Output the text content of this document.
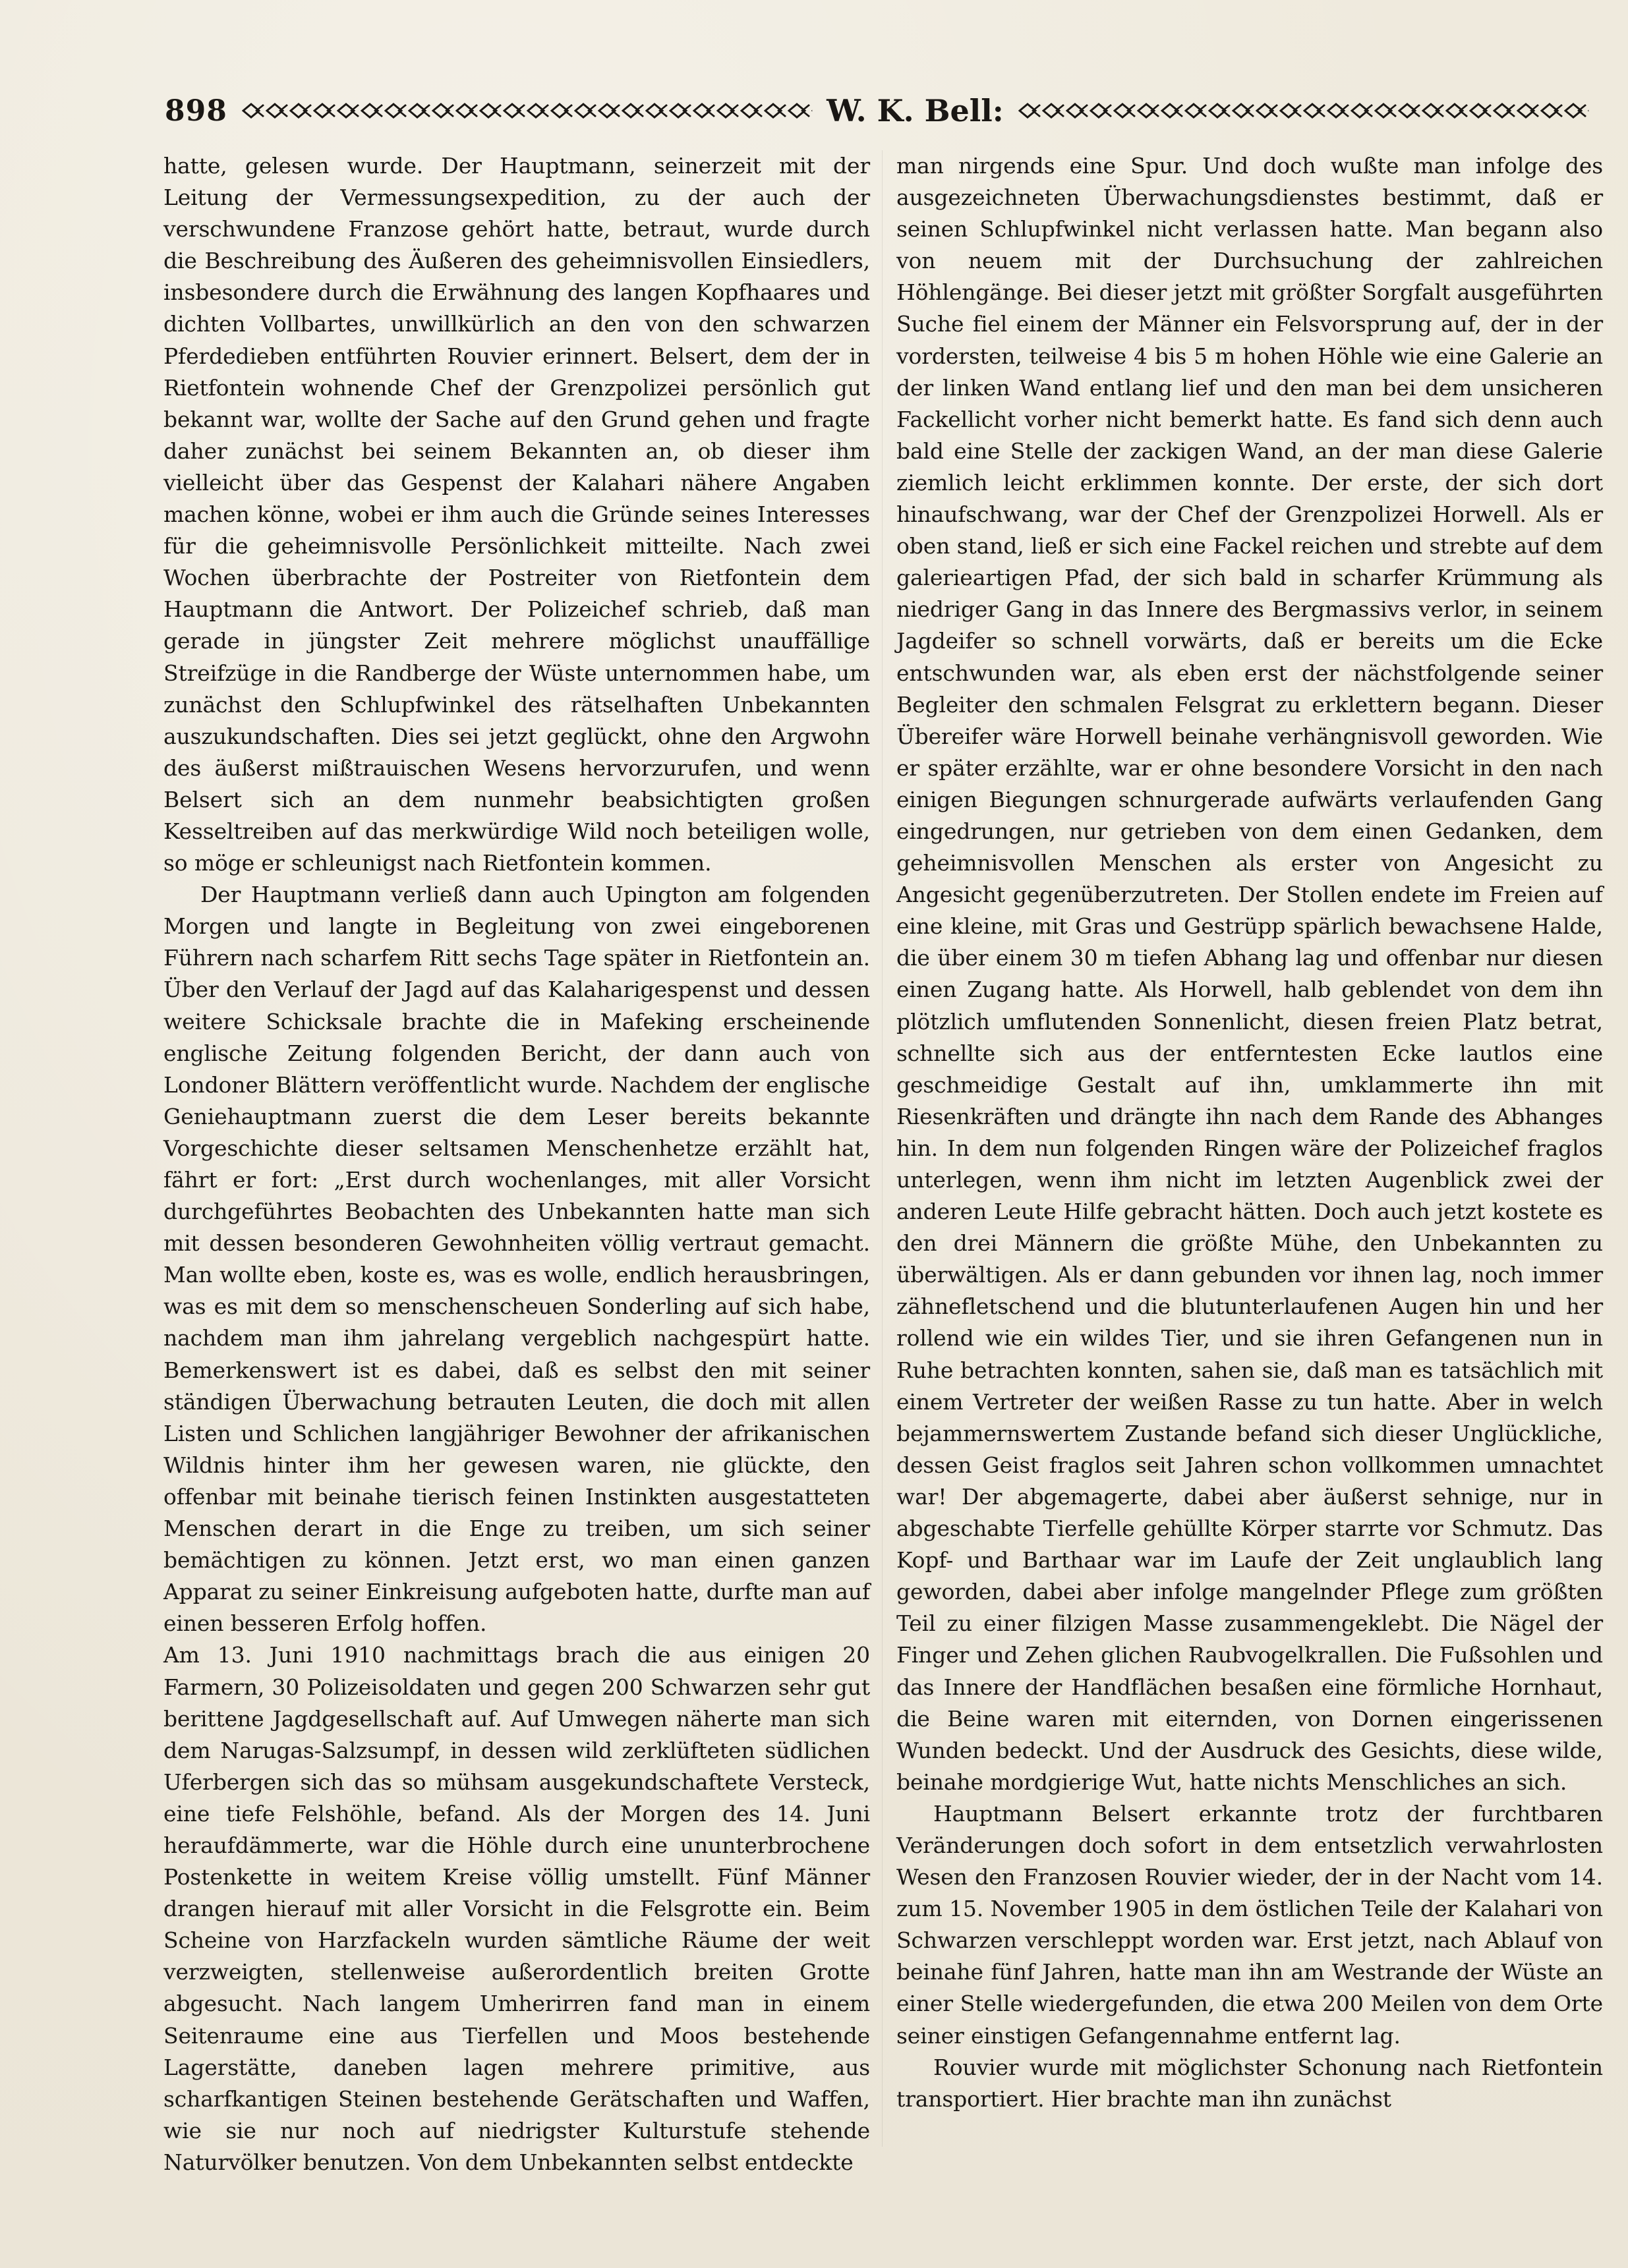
898	W. K. Bell:

hatte, gelesen wurde. Der Hauptmann, seinerzeit mit der Leitung der Vermessungsexpedition, zu der auch der verschwundene Franzose gehört hatte, betraut, wurde durch die Beschreibung des Äußeren des geheimnisvollen Einsiedlers, insbesondere durch die Erwähnung des langen Kopfhaares und dichten Vollbartes, unwillkürlich an den von den schwarzen Pferdedieben entführten Rouvier erinnert. Belsert, dem der in Rietfontein wohnende Chef der Grenzpolizei persönlich gut bekannt war, wollte der Sache auf den Grund gehen und fragte daher zunächst bei seinem Bekannten an, ob dieser ihm vielleicht über das Gespenst der Kalahari nähere Angaben machen könne, wobei er ihm auch die Gründe seines Interesses für die geheimnisvolle Persönlichkeit mitteilte. Nach zwei Wochen überbrachte der Postreiter von Rietfontein dem Hauptmann die Antwort. Der Polizeichef schrieb, daß man gerade in jüngster Zeit mehrere möglichst unauffällige Streifzüge in die Randberge der Wüste unternommen habe, um zunächst den Schlupfwinkel des rätselhaften Unbekannten auszukundschaften. Dies sei jetzt geglückt, ohne den Argwohn des äußerst mißtrauischen Wesens hervorzurufen, und wenn Belsert sich an dem nunmehr beabsichtigten großen Kesseltreiben auf das merkwürdige Wild noch beteiligen wolle, so möge er schleunigst nach Rietfontein kommen.

Der Hauptmann verließ dann auch Upington am folgenden Morgen und langte in Begleitung von zwei eingeborenen Führern nach scharfem Ritt sechs Tage später in Rietfontein an. Über den Verlauf der Jagd auf das Kalaharigespenst und dessen weitere Schicksale brachte die in Mafeking erscheinende englische Zeitung folgenden Bericht, der dann auch von Londoner Blättern veröffentlicht wurde. Nachdem der englische Geniehauptmann zuerst die dem Leser bereits bekannte Vorgeschichte dieser seltsamen Menschenhetze erzählt hat, fährt er fort: „Erst durch wochenlanges, mit aller Vorsicht durchgeführtes Beobachten des Unbekannten hatte man sich mit dessen besonderen Gewohnheiten völlig vertraut gemacht. Man wollte eben, koste es, was es wolle, endlich herausbringen, was es mit dem so menschenscheuen Sonderling auf sich habe, nachdem man ihm jahrelang vergeblich nachgespürt hatte. Bemerkenswert ist es dabei, daß es selbst den mit seiner ständigen Überwachung betrauten Leuten, die doch mit allen Listen und Schlichen langjähriger Bewohner der afrikanischen Wildnis hinter ihm her gewesen waren, nie glückte, den offenbar mit beinahe tierisch feinen Instinkten ausgestatteten Menschen derart in die Enge zu treiben, um sich seiner bemächtigen zu können. Jetzt erst, wo man einen ganzen Apparat zu seiner Einkreisung aufgeboten hatte, durfte man auf einen besseren Erfolg hoffen.

Am 13. Juni 1910 nachmittags brach die aus einigen 20 Farmern, 30 Polizeisoldaten und gegen 200 Schwarzen sehr gut berittene Jagdgesellschaft auf. Auf Umwegen näherte man sich dem Narugas-Salzsumpf, in dessen wild zerklüfteten südlichen Uferbergen sich das so mühsam ausgekundschaftete Versteck, eine tiefe Felshöhle, befand. Als der Morgen des 14. Juni heraufdämmerte, war die Höhle durch eine ununterbrochene Postenkette in weitem Kreise völlig umstellt. Fünf Männer drangen hierauf mit aller Vorsicht in die Felsgrotte ein. Beim Scheine von Harzfackeln wurden sämtliche Räume der weit verzweigten, stellenweise außerordentlich breiten Grotte abgesucht. Nach langem Umherirren fand man in einem Seitenraume eine aus Tierfellen und Moos bestehende Lagerstätte, daneben lagen mehrere primitive, aus scharfkantigen Steinen bestehende Gerätschaften und Waffen, wie sie nur noch auf niedrigster Kulturstufe stehende Naturvölker benutzen. Von dem Unbekannten selbst entdeckte

man nirgends eine Spur. Und doch wußte man infolge des ausgezeichneten Überwachungsdienstes bestimmt, daß er seinen Schlupfwinkel nicht verlassen hatte. Man begann also von neuem mit der Durchsuchung der zahlreichen Höhlengänge. Bei dieser jetzt mit größter Sorgfalt ausgeführten Suche fiel einem der Männer ein Felsvorsprung auf, der in der vordersten, teilweise 4 bis 5 m hohen Höhle wie eine Galerie an der linken Wand entlang lief und den man bei dem unsicheren Fackellicht vorher nicht bemerkt hatte. Es fand sich denn auch bald eine Stelle der zackigen Wand, an der man diese Galerie ziemlich leicht erklimmen konnte. Der erste, der sich dort hinaufschwang, war der Chef der Grenzpolizei Horwell. Als er oben stand, ließ er sich eine Fackel reichen und strebte auf dem galerieartigen Pfad, der sich bald in scharfer Krümmung als niedriger Gang in das Innere des Bergmassivs verlor, in seinem Jagdeifer so schnell vorwärts, daß er bereits um die Ecke entschwunden war, als eben erst der nächstfolgende seiner Begleiter den schmalen Felsgrat zu erklettern begann. Dieser Übereifer wäre Horwell beinahe verhängnisvoll geworden. Wie er später erzählte, war er ohne besondere Vorsicht in den nach einigen Biegungen schnurgerade aufwärts verlaufenden Gang eingedrungen, nur getrieben von dem einen Gedanken, dem geheimnisvollen Menschen als erster von Angesicht zu Angesicht gegenüberzutreten. Der Stollen endete im Freien auf eine kleine, mit Gras und Gestrüpp spärlich bewachsene Halde, die über einem 30 m tiefen Abhang lag und offenbar nur diesen einen Zugang hatte. Als Horwell, halb geblendet von dem ihn plötzlich umflutenden Sonnenlicht, diesen freien Platz betrat, schnellte sich aus der entferntesten Ecke lautlos eine geschmeidige Gestalt auf ihn, umklammerte ihn mit Riesenkräften und drängte ihn nach dem Rande des Abhanges hin. In dem nun folgenden Ringen wäre der Polizeichef fraglos unterlegen, wenn ihm nicht im letzten Augenblick zwei der anderen Leute Hilfe gebracht hätten. Doch auch jetzt kostete es den drei Männern die größte Mühe, den Unbekannten zu überwältigen. Als er dann gebunden vor ihnen lag, noch immer zähnefletschend und die blutunterlaufenen Augen hin und her rollend wie ein wildes Tier, und sie ihren Gefangenen nun in Ruhe betrachten konnten, sahen sie, daß man es tatsächlich mit einem Vertreter der weißen Rasse zu tun hatte. Aber in welch bejammernswertem Zustande befand sich dieser Unglückliche, dessen Geist fraglos seit Jahren schon vollkommen umnachtet war! Der abgemagerte, dabei aber äußerst sehnige, nur in abgeschabte Tierfelle gehüllte Körper starrte vor Schmutz. Das Kopf- und Barthaar war im Laufe der Zeit unglaublich lang geworden, dabei aber infolge mangelnder Pflege zum größten Teil zu einer filzigen Masse zusammengeklebt. Die Nägel der Finger und Zehen glichen Raubvogelkrallen. Die Fußsohlen und das Innere der Handflächen besaßen eine förmliche Hornhaut, die Beine waren mit eiternden, von Dornen eingerissenen Wunden bedeckt. Und der Ausdruck des Gesichts, diese wilde, beinahe mordgierige Wut, hatte nichts Menschliches an sich.

Hauptmann Belsert erkannte trotz der furchtbaren Veränderungen doch sofort in dem entsetzlich verwahrlosten Wesen den Franzosen Rouvier wieder, der in der Nacht vom 14. zum 15. November 1905 in dem östlichen Teile der Kalahari von Schwarzen verschleppt worden war. Erst jetzt, nach Ablauf von beinahe fünf Jahren, hatte man ihn am Westrande der Wüste an einer Stelle wiedergefunden, die etwa 200 Meilen von dem Orte seiner einstigen Gefangennahme entfernt lag.

Rouvier wurde mit möglichster Schonung nach Rietfontein transportiert. Hier brachte man ihn zunächst
